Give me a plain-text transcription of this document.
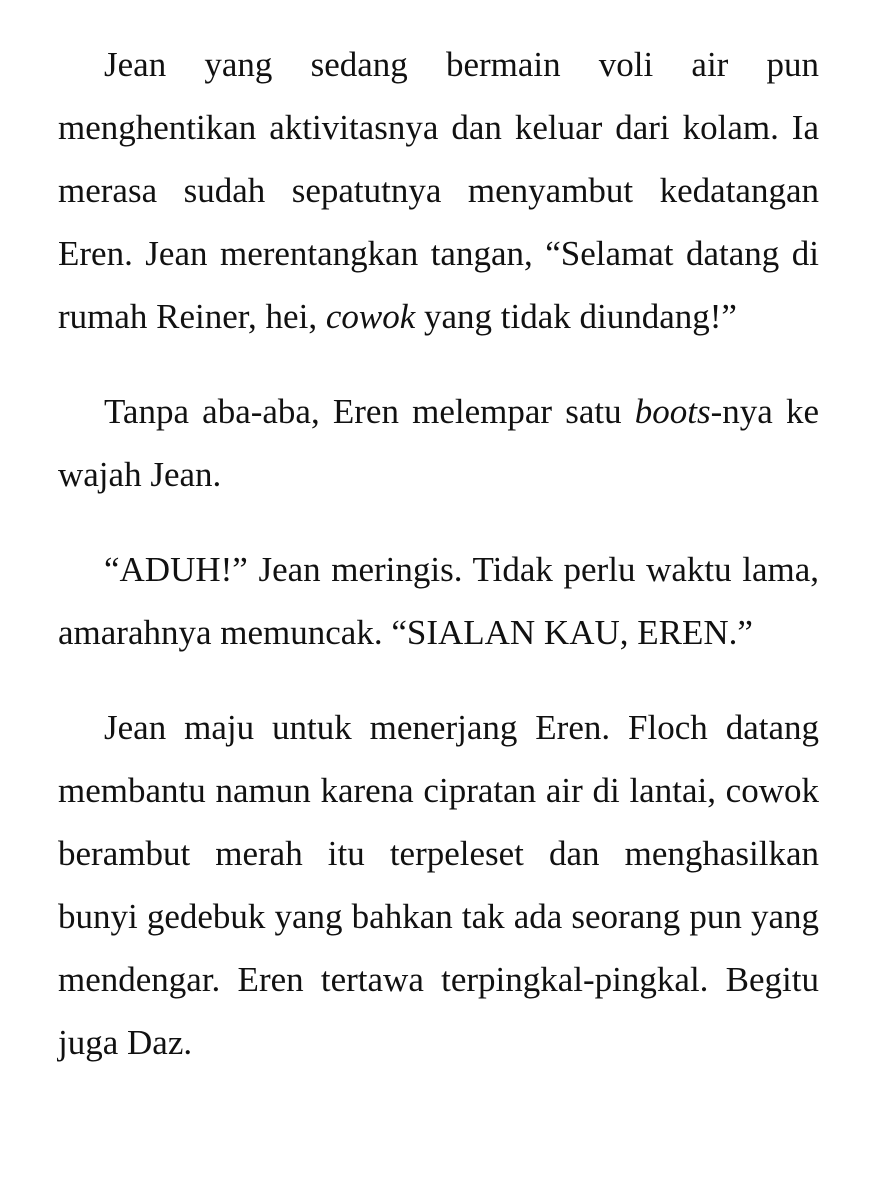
Jean yang sedang bermain voli air pun menghentikan aktivitasnya dan keluar dari kolam. Ia merasa sudah sepatutnya menyambut kedatangan Eren. Jean merentangkan tangan, “Selamat datang di rumah Reiner, hei, cowok yang tidak diundang!”

Tanpa aba-aba, Eren melempar satu boots-nya ke wajah Jean.

“ADUH!” Jean meringis. Tidak perlu waktu lama, amarahnya memuncak. “SIALAN KAU, EREN.”

Jean maju untuk menerjang Eren. Floch datang membantu namun karena cipratan air di lantai, cowok berambut merah itu terpeleset dan menghasilkan bunyi gedebuk yang bahkan tak ada seorang pun yang mendengar. Eren tertawa terpingkal-pingkal. Begitu juga Daz.
